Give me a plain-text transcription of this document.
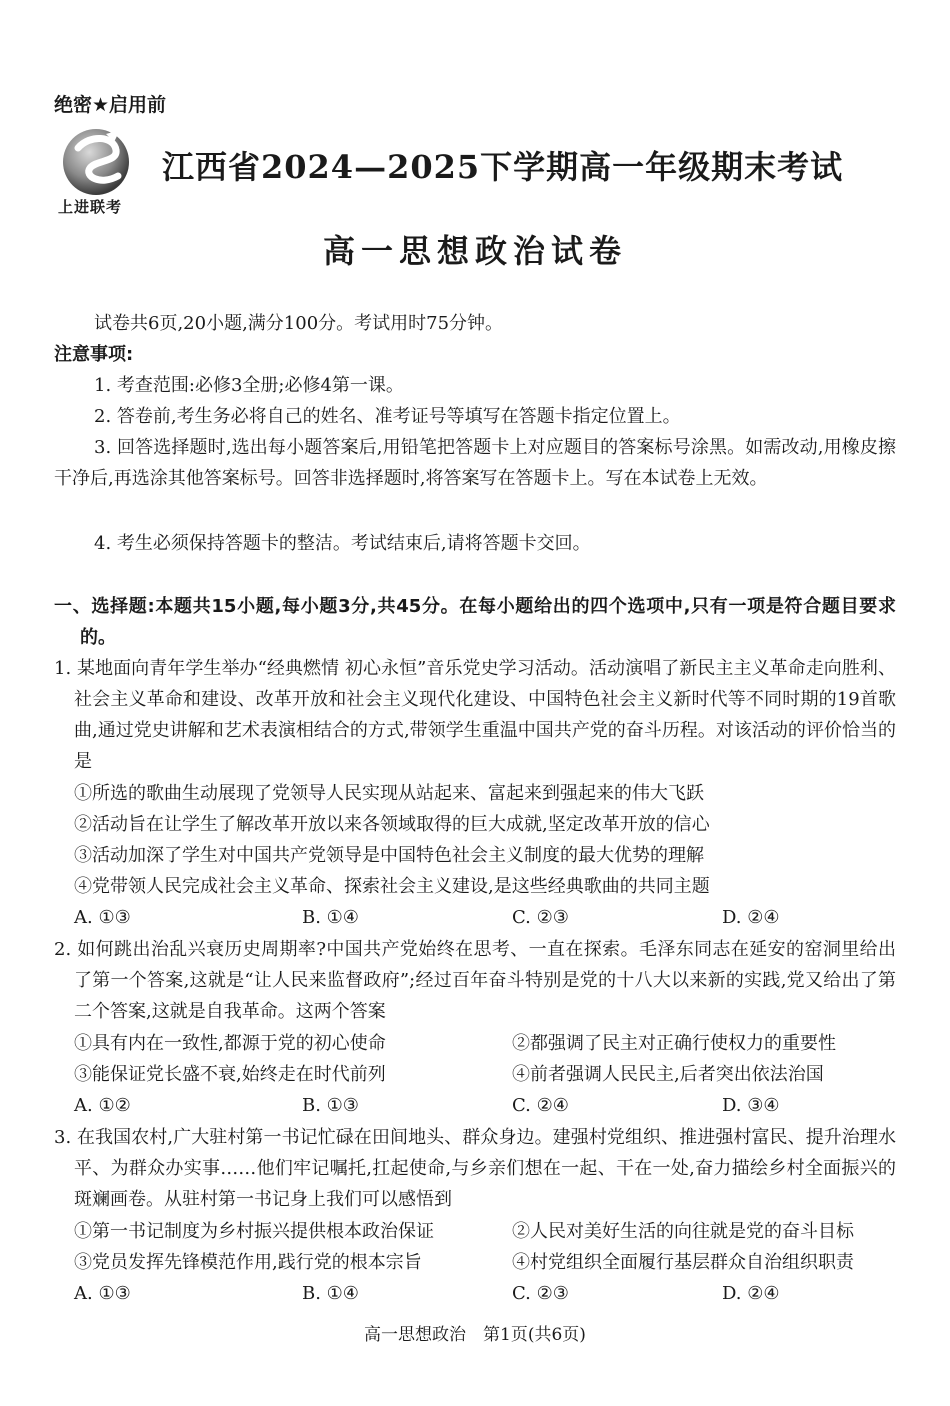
绝密★启用前
上进联考
江西省2024—2025下学期高一年级期末考试
高一思想政治试卷
试卷共6页,20小题,满分100分。考试用时75分钟。
注意事项:
1. 考查范围:必修3全册;必修4第一课。
2. 答卷前,考生务必将自己的姓名、准考证号等填写在答题卡指定位置上。
3. 回答选择题时,选出每小题答案后,用铅笔把答题卡上对应题目的答案标号涂黑。如需改动,用橡皮擦干净后,再选涂其他答案标号。回答非选择题时,将答案写在答题卡上。写在本试卷上无效。
4. 考生必须保持答题卡的整洁。考试结束后,请将答题卡交回。
一、选择题:本题共15小题,每小题3分,共45分。在每小题给出的四个选项中,只有一项是符合题目要求的。
1. 某地面向青年学生举办“经典燃情 初心永恒”音乐党史学习活动。活动演唱了新民主主义革命走向胜利、社会主义革命和建设、改革开放和社会主义现代化建设、中国特色社会主义新时代等不同时期的19首歌曲,通过党史讲解和艺术表演相结合的方式,带领学生重温中国共产党的奋斗历程。对该活动的评价恰当的是
①所选的歌曲生动展现了党领导人民实现从站起来、富起来到强起来的伟大飞跃
②活动旨在让学生了解改革开放以来各领域取得的巨大成就,坚定改革开放的信心
③活动加深了学生对中国共产党领导是中国特色社会主义制度的最大优势的理解
④党带领人民完成社会主义革命、探索社会主义建设,是这些经典歌曲的共同主题
A. ①③	B. ①④	C. ②③	D. ②④
2. 如何跳出治乱兴衰历史周期率?中国共产党始终在思考、一直在探索。毛泽东同志在延安的窑洞里给出了第一个答案,这就是“让人民来监督政府”;经过百年奋斗特别是党的十八大以来新的实践,党又给出了第二个答案,这就是自我革命。这两个答案
①具有内在一致性,都源于党的初心使命	②都强调了民主对正确行使权力的重要性
③能保证党长盛不衰,始终走在时代前列	④前者强调人民民主,后者突出依法治国
A. ①②	B. ①③	C. ②④	D. ③④
3. 在我国农村,广大驻村第一书记忙碌在田间地头、群众身边。建强村党组织、推进强村富民、提升治理水平、为群众办实事……他们牢记嘱托,扛起使命,与乡亲们想在一起、干在一处,奋力描绘乡村全面振兴的斑斓画卷。从驻村第一书记身上我们可以感悟到
①第一书记制度为乡村振兴提供根本政治保证	②人民对美好生活的向往就是党的奋斗目标
③党员发挥先锋模范作用,践行党的根本宗旨	④村党组织全面履行基层群众自治组织职责
A. ①③	B. ①④	C. ②③	D. ②④
高一思想政治　第1页(共6页)
